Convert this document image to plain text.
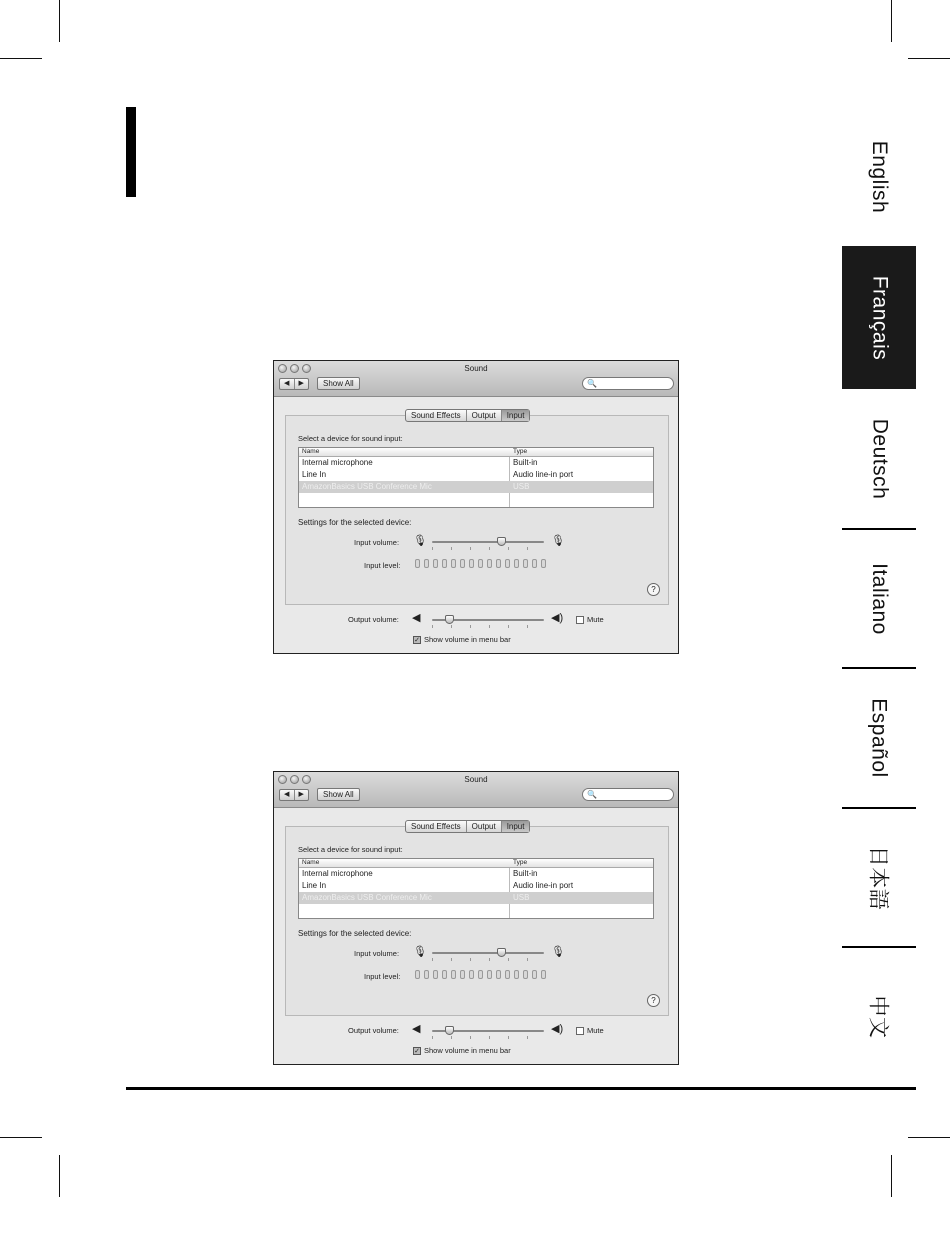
English
Français
Deutsch
Italiano
Español
日本語
中文
Sound
◀	▶	Show All	🔍
Sound Effects	Output	Input
Select a device for sound input:
Name	Type
Internal microphone	Built-in
Line In	Audio line-in port
AmazonBasics USB Conference Mic	USB
Settings for the selected device:
Input volume: 🎙	🎙
Input level:
?
Output volume: ◀	◀)	Mute
✓ Show volume in menu bar
Sound
◀	▶	Show All	🔍
Sound Effects	Output	Input
Select a device for sound input:
Name	Type
Internal microphone	Built-in
Line In	Audio line-in port
AmazonBasics USB Conference Mic	USB
Settings for the selected device:
Input volume: 🎙	🎙
Input level:
?
Output volume: ◀	◀)	Mute
✓ Show volume in menu bar
